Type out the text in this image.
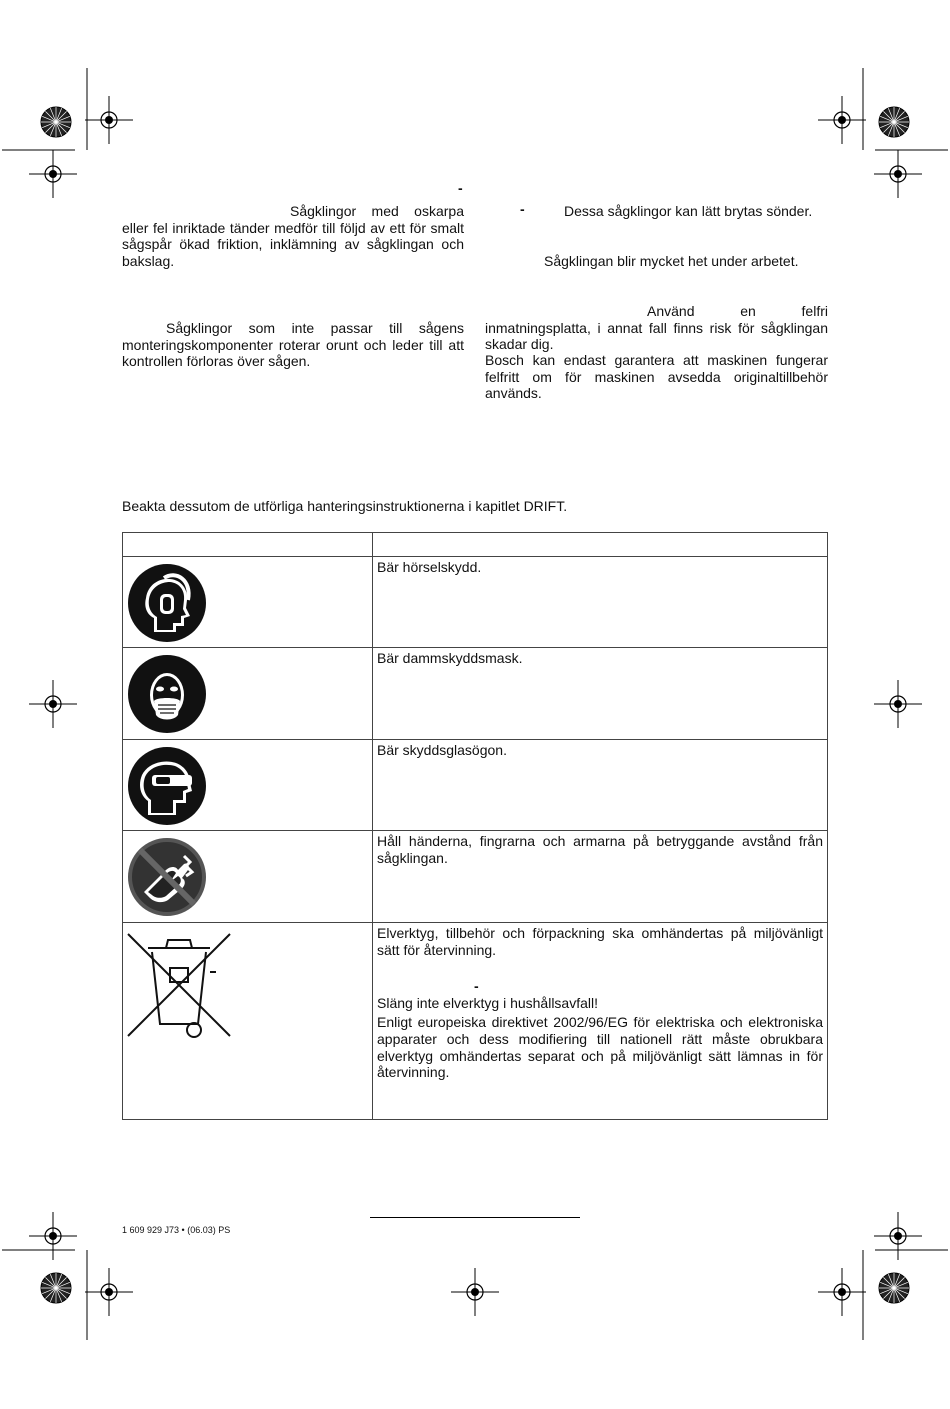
-

Sågklingor med oskarpa eller fel inriktade tänder medför till följd av ett för smalt sågspår ökad friktion, inklämning av sågklingan och bakslag.

Sågklingor som inte passar till sågens monteringskomponenter roterar orunt och leder till att kontrollen förloras över sågen.

-	Dessa sågklingor kan lätt brytas sönder.

Sågklingan blir mycket het under arbetet.

Använd en felfri inmatningsplatta, i annat fall finns risk för sågklingan skadar dig.

Bosch kan endast garantera att maskinen fungerar felfritt om för maskinen avsedda originaltillbehör används.

Beakta dessutom de utförliga hanteringsinstruktionerna i kapitlet DRIFT.

Bär hörselskydd.

Bär dammskyddsmask.

Bär skyddsglasögon.

Håll händerna, fingrarna och armarna på betryggande avstånd från sågklingan.

Elverktyg, tillbehör och förpackning ska omhändertas på miljövänligt sätt för återvinning.

-

Släng inte elverktyg i hushållsavfall!

Enligt europeiska direktivet 2002/96/EG för elektriska och elektroniska apparater och dess modifiering till nationell rätt måste obrukbara elverktyg omhändertas separat och på miljövänligt sätt lämnas in för återvinning.

1 609 929 J73 • (06.03) PS
